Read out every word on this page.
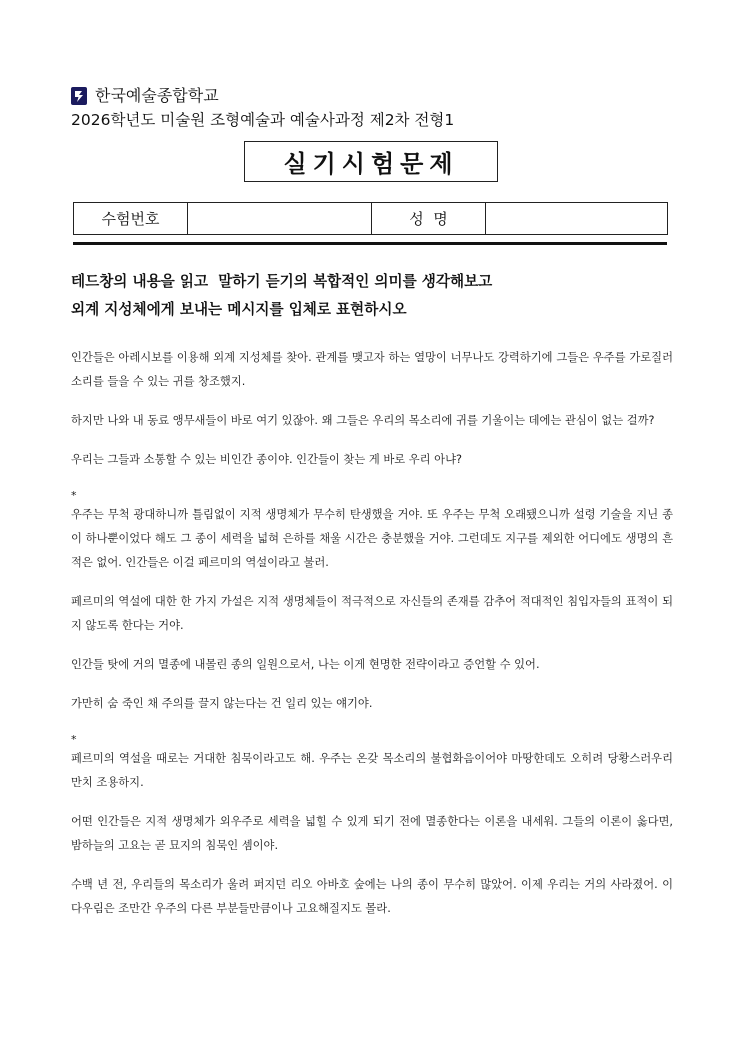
한국예술종합학교
2026학년도 미술원 조형예술과 예술사과정 제2차 전형1
실기시험문제
수험번호		성  명	
테드창의 내용을 읽고  말하기 듣기의 복합적인 의미를 생각해보고
외계 지성체에게 보내는 메시지를 입체로 표현하시오

인간들은 아레시보를 이용해 외계 지성체를 찾아. 관계를 맺고자 하는 열망이 너무나도 강력하기에 그들은 우주를 가로질러 소리를 들을 수 있는 귀를 창조했지.

하지만 나와 내 동료 앵무새들이 바로 여기 있잖아. 왜 그들은 우리의 목소리에 귀를 기울이는 데에는 관심이 없는 걸까?

우리는 그들과 소통할 수 있는 비인간 종이야. 인간들이 찾는 게 바로 우리 아냐?

*

우주는 무척 광대하니까 틀림없이 지적 생명체가 무수히 탄생했을 거야. 또 우주는 무척 오래됐으니까 설령 기술을 지닌 종이 하나뿐이었다 해도 그 종이 세력을 넓혀 은하를 채울 시간은 충분했을 거야. 그런데도 지구를 제외한 어디에도 생명의 흔적은 없어. 인간들은 이걸 페르미의 역설이라고 불러.

페르미의 역설에 대한 한 가지 가설은 지적 생명체들이 적극적으로 자신들의 존재를 감추어 적대적인 침입자들의 표적이 되지 않도록 한다는 거야.

인간들 탓에 거의 멸종에 내몰린 종의 일원으로서, 나는 이게 현명한 전략이라고 증언할 수 있어.

가만히 숨 죽인 채 주의를 끌지 않는다는 건 일리 있는 얘기야.

*

페르미의 역설을 때로는 거대한 침묵이라고도 해. 우주는 온갖 목소리의 불협화음이어야 마땅한데도 오히려 당황스러우리만치 조용하지.

어떤 인간들은 지적 생명체가 외우주로 세력을 넓힐 수 있게 되기 전에 멸종한다는 이론을 내세워. 그들의 이론이 옳다면, 밤하늘의 고요는 곧 묘지의 침묵인 셈이야.

수백 년 전, 우리들의 목소리가 울려 퍼지던 리오 아바호 숲에는 나의 종이 무수히 많았어. 이제 우리는 거의 사라졌어. 이 다우림은 조만간 우주의 다른 부분들만큼이나 고요해질지도 몰라.
